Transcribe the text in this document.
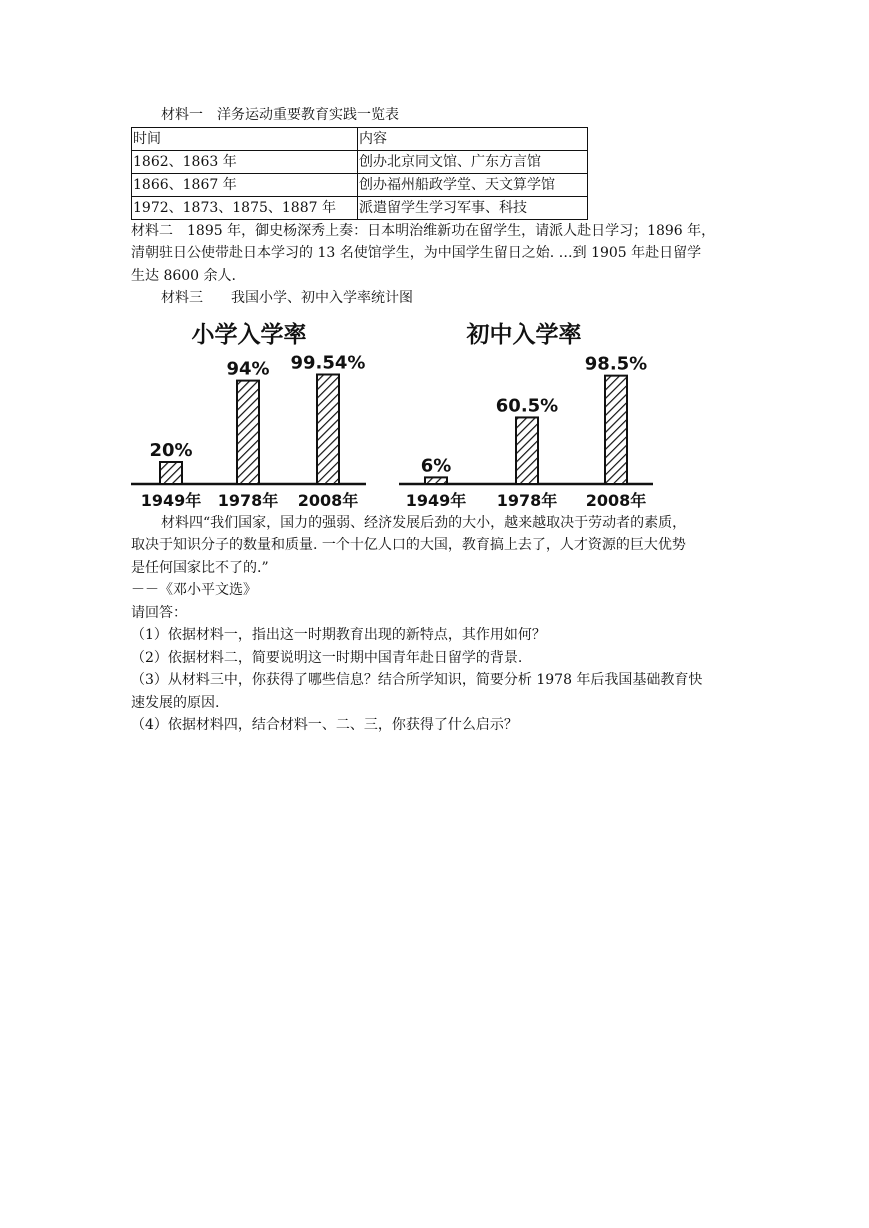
材料一　洋务运动重要教育实践一览表
时间	内容
1862、1863 年	创办北京同文馆、广东方言馆
1866、1867 年	创办福州船政学堂、天文算学馆
1972、1873、1875、1887 年	派遣留学生学习军事、科技
材料二　1895 年，御史杨深秀上奏：日本明治维新功在留学生，请派人赴日学习；1896 年，
清朝驻日公使带赴日本学习的 13 名使馆学生，为中国学生留日之始. …到 1905 年赴日留学
生达 8600 余人.
材料三　　我国小学、初中入学率统计图
小学入学率
20%
1949年
94%
1978年
99.54%
2008年
初中入学率
6%
1949年
60.5%
1978年
98.5%
2008年
材料四“我们国家，国力的强弱、经济发展后劲的大小，越来越取决于劳动者的素质，
取决于知识分子的数量和质量. 一个十亿人口的大国，教育搞上去了，人才资源的巨大优势
是任何国家比不了的.”
－－《邓小平文选》
请回答：
（1）依据材料一，指出这一时期教育出现的新特点，其作用如何？
（2）依据材料二，简要说明这一时期中国青年赴日留学的背景.
（3）从材料三中，你获得了哪些信息？结合所学知识，简要分析 1978 年后我国基础教育快
速发展的原因.
（4）依据材料四，结合材料一、二、三，你获得了什么启示？
